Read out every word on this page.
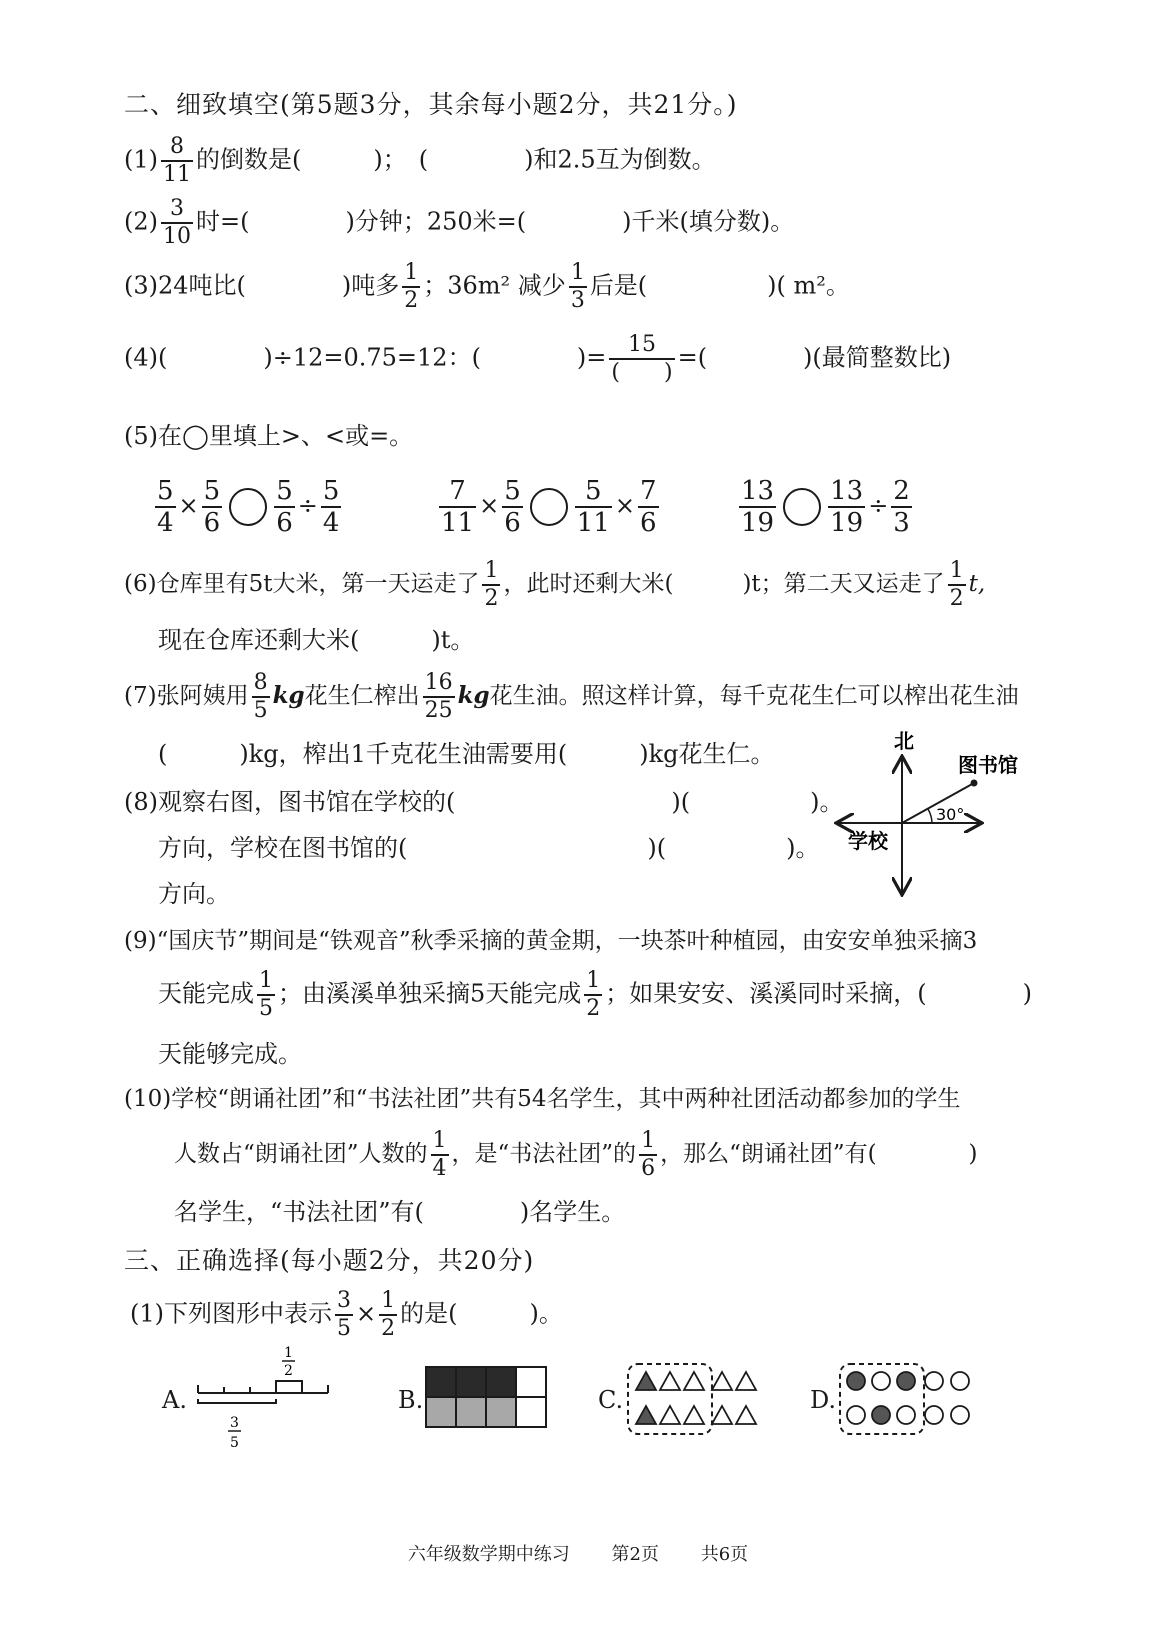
二、细致填空(第5题3分，其余每小题2分，共21分。)
$(1) \frac{8}{11}$ 的倒数是(　　　)；　(　　　　)和2.5互为倒数。
$(2) \frac{3}{10}$ 时=(　　　　)分钟；250米=(　　　　)千米(填分数)。
(3)24吨比(　　　　)吨多 $\frac{1}{2}$ ；36m² 减少 $\frac{1}{3}$ 后是(　　　　　)( m²。
(4)(　　　　)÷12=0.75=12：(　　　　)= $\frac{15}{( )}$ =(　　　　)(最简整数比)
(5)在◯里填上>、<或=。
$\frac{5}{4} \times \frac{5}{6} \frac{5}{6} \div \frac{5}{4}$	$\frac{7}{11} \times \frac{5}{6} \frac{5}{11} \times \frac{7}{6}$	$\frac{13}{19} \frac{13}{19} \div \frac{2}{3}$
(6)仓库里有5t大米，第一天运走了 $\frac{1}{2}$ ，此时还剩大米(　　　)t；第二天又运走了 $\frac{1}{2} t$,
现在仓库还剩大米(　　　)t。
(7)张阿姨用 $\frac{8}{5}$ kg花生仁榨出 $\frac{16}{25}$ kg花生油。照这样计算，每千克花生仁可以榨出花生油
(　　　)kg，榨出1千克花生油需要用(　　　)kg花生仁。
(8)观察右图，图书馆在学校的(　　　　　　　　　)(　　　　　)。
方向，学校在图书馆的(　　　　　　　　　　)(　　　　　)。
方向。
北
图书馆
学校
30°
(9)“国庆节”期间是“铁观音”秋季采摘的黄金期，一块茶叶种植园，由安安单独采摘3
天能完成 $\frac{1}{5}$ ；由溪溪单独采摘5天能完成 $\frac{1}{2}$ ；如果安安、溪溪同时采摘，(　　　　)
天能够完成。
(10)学校“朗诵社团”和“书法社团”共有54名学生，其中两种社团活动都参加的学生
人数占“朗诵社团”人数的 $\frac{1}{4}$ ，是“书法社团”的 $\frac{1}{6}$ ，那么“朗诵社团”有(　　　　)
名学生，“书法社团”有(　　　　)名学生。
三、正确选择(每小题2分，共20分)
(1)下列图形中表示 $\frac{3}{5} \times \frac{1}{2}$ 的是(　　　)。
A.
1
2
3
5
B.	C.	D.
六年级数学期中练习 第2页 共6页
